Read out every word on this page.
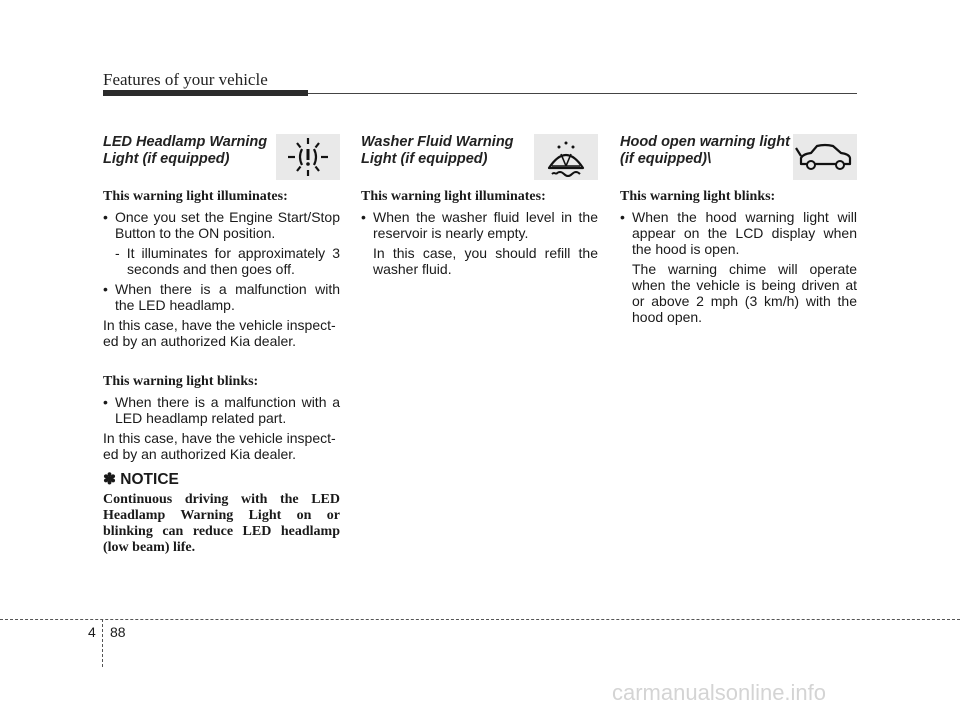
Features of your vehicle
LED Headlamp Warning
Light (if equipped)
This warning light illuminates:
• Once you set the Engine Start/Stop Button to the ON position.
- It illuminates for approximately 3 seconds and then goes off.
• When there is a malfunction with the LED headlamp.
In this case, have the vehicle inspect- ed by an authorized Kia dealer.
This warning light blinks:
• When there is a malfunction with a LED headlamp related part.
In this case, have the vehicle inspect- ed by an authorized Kia dealer.
✽ NOTICE
Continuous driving with the LED Headlamp Warning Light on or blinking can reduce LED headlamp (low beam) life.
Washer Fluid Warning
Light (if equipped)
This warning light illuminates:
• When the washer fluid level in the reservoir is nearly empty.
In this case, you should refill the washer fluid.
Hood open warning light
(if equipped)\
This warning light blinks:
• When the hood warning light will appear on the LCD display when the hood is open.
The warning chime will operate when the vehicle is being driven at or above 2 mph (3 km/h) with the hood open.
4 88
carmanualsonline.info
